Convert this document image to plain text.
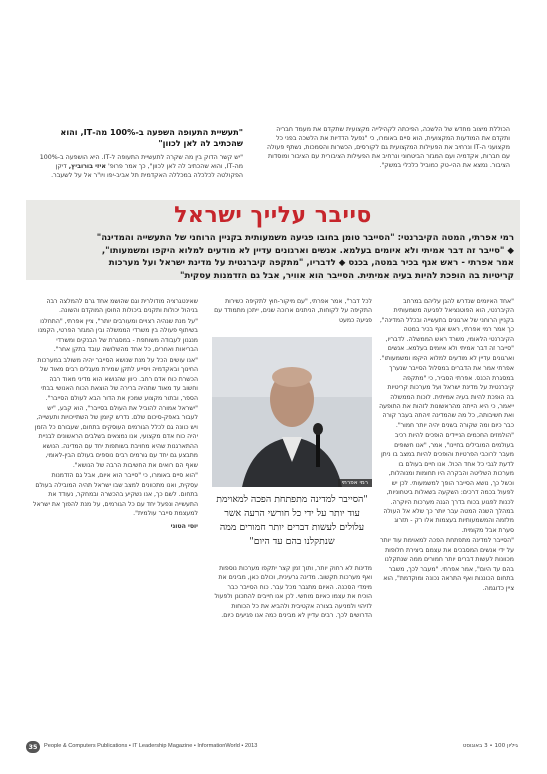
"תעשיית התעופה השפעה ב-100% מה-IT, והוא שהכתיב לה לאן לכוון"

"יש קשר הדוק בין מה שקרה לתעשיית התעופה ל-IT. היא הושפעה ב-100% מה-IT, והוא שהכתיב לה לאן לכוון", כך אמר פרופ' איזי בורוביץ, דיקן הפקולטה לכלכלה במכללה האקדמית תל אביב-יפו ויו"ר אל על לשעבר.

הכוללת מיצוב מחדש של הלשכה, הפיכתה לקהילייה מקצועית שתקדם את מעמד חבריה ותקדם את המודעות המקצועית, הוא סיים באומרו, כי "נפעל הדדיות את הלשכה בפני כל מקצועני ה-IT ונרחיב את הפעילות המקצועית גם לקורסים, הכשרות והסמכות, נשתף פעולה עם חברות, אקדמיה ועם המגזר הביטחוני ונרחיב את הפעילות הציבורית עם הציבור ומוסדות הציבור. נמצא את ההי-טק כמוביל כלכלי במשק".
סייבר עלייך ישראל
רמי אפרתי, המטה הקיברנטי: "הסייבר טומן בחובו פגיעה משמעותית בקניין הרוחני של התעשייה והמדינה"
◆ "סייבר זה דבר אמיתי ולא איומים בעלמא. אנשים וארגונים עדיין לא מודעים למלוא היקפו ומשמעותו",
אמר אפרתי - ראש אגף בכיר במטה, בכנס ◆ לדבריו, "מתקפה קיברנטית על מדינת ישראל ועל מערכות
קריטיות בה הופכת להיות בעיה אמיתית. הסייבר הוא אוויר, אבל גם הזדמנות עסקית"

"אחד האיומים שנדרש להגן עליהם במרחב הקיברנטי, הוא הפוטנציאל לפגיעה משמעותית בקניין הרוחני של ארגונים בתעשייה ובכלל המדינה", כך אמר רמי אפרתי, ראש אגף בכיר במטה הקיברנטי הלאומי, משרד ראש הממשלה. לדבריו, "סייבר זה דבר אמיתי ולא איומים בעלמא. אנשים וארגונים עדיין לא מודעים למלוא היקפו ומשמעותו".

אפרתי אמר את הדברים במסלול הסייבר שנערך במסגרת הכנס. אפרתי הסביר, כי "מתקפה קיברנטית על מדינת ישראל ועל מערכות קריטיות בה הופכת להיות בעיה אמיתית. לוכות הממשלה ייאמר, כי היא הייתה מהראשונות לזהות את התופעה ואת חשיבותה, כל מה שהמדינה זיהתה בעבר קורה כבר כיום ומה שקורה בשנים יהיה יותר חמור".

"הולמזים החכמים הנייידים הופכים להיות רכיב בעולמים המובילים בחיינו", אמר, "אנו חשופים מעבר לרוכבי הפרטיות והופכים להיות במצב בו ניתן לדעת לגבי כל אחד הכול. אנו חיים בעולם בו מערכות השליטה והבקרה היו תחומות ומנוהלות, וכשל כך, נושא הסייבר הופך למשמעותי. לכן יש לפעול בכמה דרכים: השקעה בשאלות ביטחוניות, לכנות לפגוע בכוח בדרך הגנה מערכות היוקרה. במהלך השנה המטה עבר יותר כך שלא אל העולה מלזמה והמשמעותיות בעצמות אלו רק - תזרוג סערת אבל מקומית.

"הסייבר למדינה מתפתחת הפכה למאוימת עוד יותר על ידי אנשים המסבכים את עצמם ביצירת חלופות מכוונות לעשות דברים יותר חמורים ממה שנתקלנו בהם עד היום", אמר אפרתי. "מעבר לכך, משבר בתחום הכוננות ואף התראה נכונה ומוקדמת", הוא ציין כדוגמה.

לכל דבר", אמר אפרתי, "עם מיקור-חוץ לתקיפה כשירות התקיפה על לקוחות, הניתנים ארוכה שנים, ייתכן מתמודד עם פגיעה כמעט
רמי אפרתי
"הסייבר למדינה מתפתחת הפכה למאוימת עוד יותר על ידי כל חורשי הרעה אשר עלולים לעשות דברים יותר חמורים ממה שנתקלנו בהם עד היום"
מדינות לא רחוק יותר, ותוך זמן קצר יתקפו מערכות נוספות ואף מערכות תקשוב. מדינה גרעינית, וכולם כאן, מבינים את מימדי הסכנה. האיום מתגבר מכל עבר. כוח הסייבר כבר הוכיח את עצמו כאיום מוחשי. לכן אנו חייבים להתכונן ולפעול לזיהוי ולמניעה בצורה אקטיבית ולהביא את כל הכוחות הדרושים לכך. רבים עדיין לא מבינים כמה אנו פגיעים כיום.

שאינטגרציה מודולרית וגם שהושמ אחד גרם להמלצה רבה בניהול יכולות ותקנים ביכולות החוסן המוקדם והשונה.

"על מנת שנהיה רצויים ומעורבים יותר", ציין אפרתי, "התחלנו בשיתוף פעולה בין משרדי הממשלה ובין המגזר הפרטי, הקמנו מנגנון לעבודה משותפת - במסגרת של הבנקים ומשרדי הבריאות ואחרים, כל אחד מהשלושה עובד בתקן אחר".

"אנו עושים הכל על מנת שנושא הסייבר יהיה משולב במערכות החינוך ובאקדמיה ויסייע לתקן שמירת מעגלים רבים מאוד של הכשרת כוח אדם רחב. כיוון שהנושא הוא מדיני מאוד רבה וחשוב עד מאוד שתהיה ברירה של הוצאת הכוח האנושי בבתי הספר, ובתור מקצוע שמכין את הדור הבא לעולם הסייבר".

"ישראל אמורה להוביל את העולם בסייבר", הוא קבע, "יש לעבור באפק-סיכום שלם. נדרש קיומן של השתייכויות ותעשייה, ויש כוונה גם לכלל הגורמים העוסקים בתחום, שעבורם כל הזמן יהיה כוח אדם מקצועי, אנו נמצאים בשלבים הראשונים לבניית ההתארגנות שהיא מחויבת בשותפות יחד עם המדינה. הנושא מתבצע גם יחד עם גורמים רבים נוספים בעולם הבין-לאומי, שאף הם רואים את החשיבות הרבה של הנושא".

"הוא סיים באומרו, כי "סייבר הוא איום, אבל גם הזדמנות עסקית, ואנו מתכוונים למצב שבו ישראל תהיה המובילה בעולם בתחום. לשם כך, אנו נשקיע בהכשרה ובמחקר, נעודד את התעשייה ונפעל יחד עם כל הגורמים, על מנת להפוך את ישראל למעצמת סייבר עולמית".

יוסי הטוני

35	People & Computers Publications • IT Leadership Magazine • InformationWorld • 2013	גיליון 100 • 3 באוגוסט
